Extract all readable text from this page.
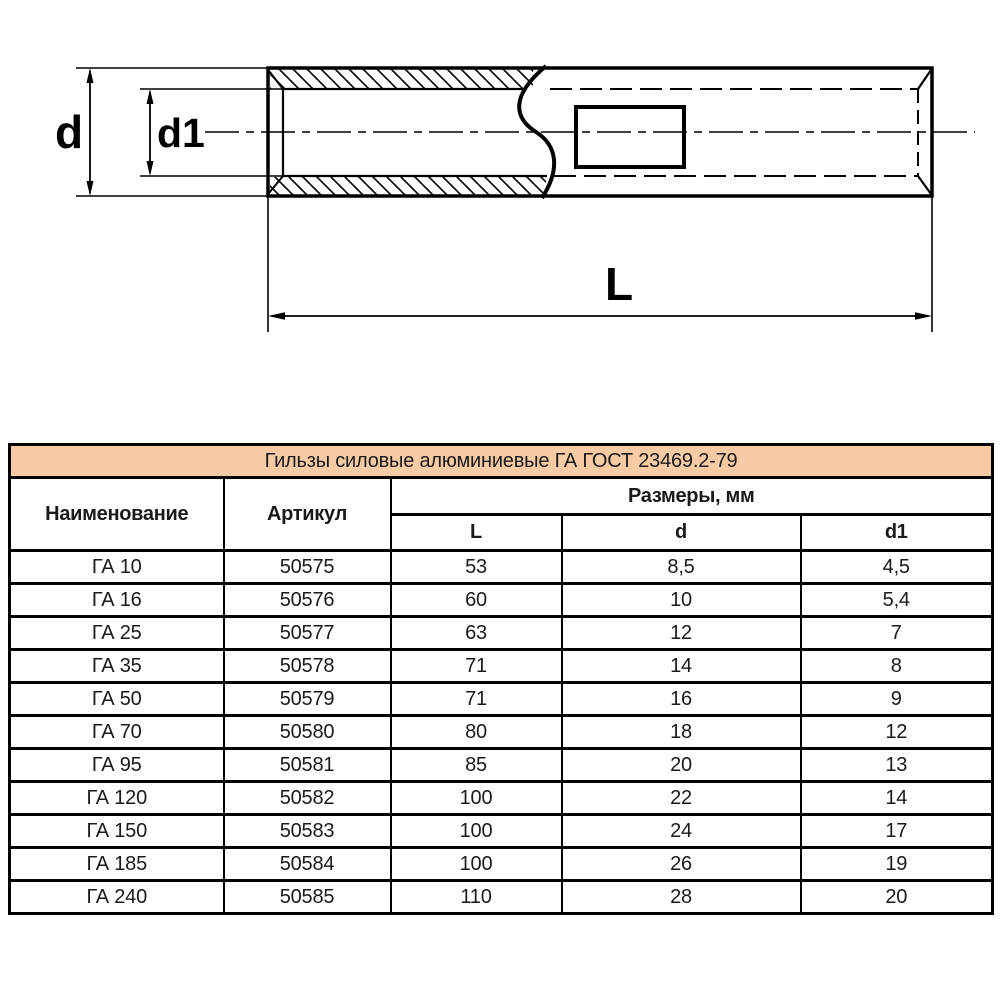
d d1
L
Гильзы силовые алюминиевые ГА ГОСТ 23469.2-79				
Наименование	Артикул	Размеры, мм		
		L	d	d1
ГА 10	50575	53	8,5	4,5
ГА 16	50576	60	10	5,4
ГА 25	50577	63	12	7
ГА 35	50578	71	14	8
ГА 50	50579	71	16	9
ГА 70	50580	80	18	12
ГА 95	50581	85	20	13
ГА 120	50582	100	22	14
ГА 150	50583	100	24	17
ГА 185	50584	100	26	19
ГА 240	50585	110	28	20
